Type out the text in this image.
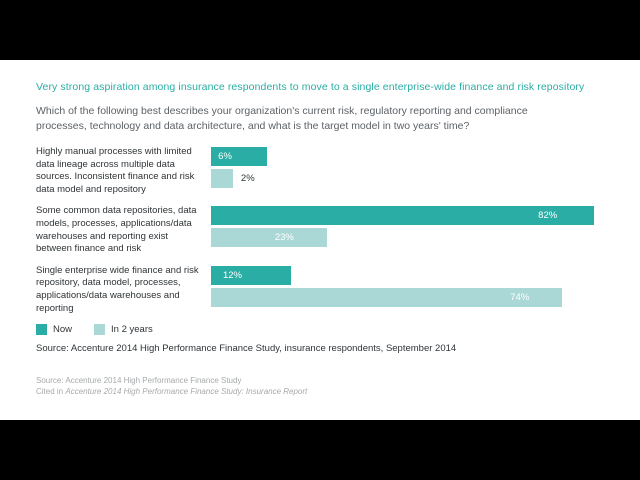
Very strong aspiration among insurance respondents to move to a single enterprise-wide finance and risk repository
Which of the following best describes your organization's current risk, regulatory reporting and compliance processes, technology and data architecture, and what is the target model in two years' time?
Highly manual processes with limited data lineage across multiple data sources. Inconsistent finance and risk data model and repository
6%
2%
Some common data repositories, data models, processes, applications/data warehouses and reporting exist between finance and risk
82%
23%
Single enterprise wide finance and risk repository, data model, processes, applications/data warehouses and reporting
12%
74%
Now	In 2 years
Source: Accenture 2014 High Performance Finance Study, insurance respondents, September 2014
Source: Accenture 2014 High Performance Finance Study
Cited in Accenture 2014 High Performance Finance Study: Insurance Report
